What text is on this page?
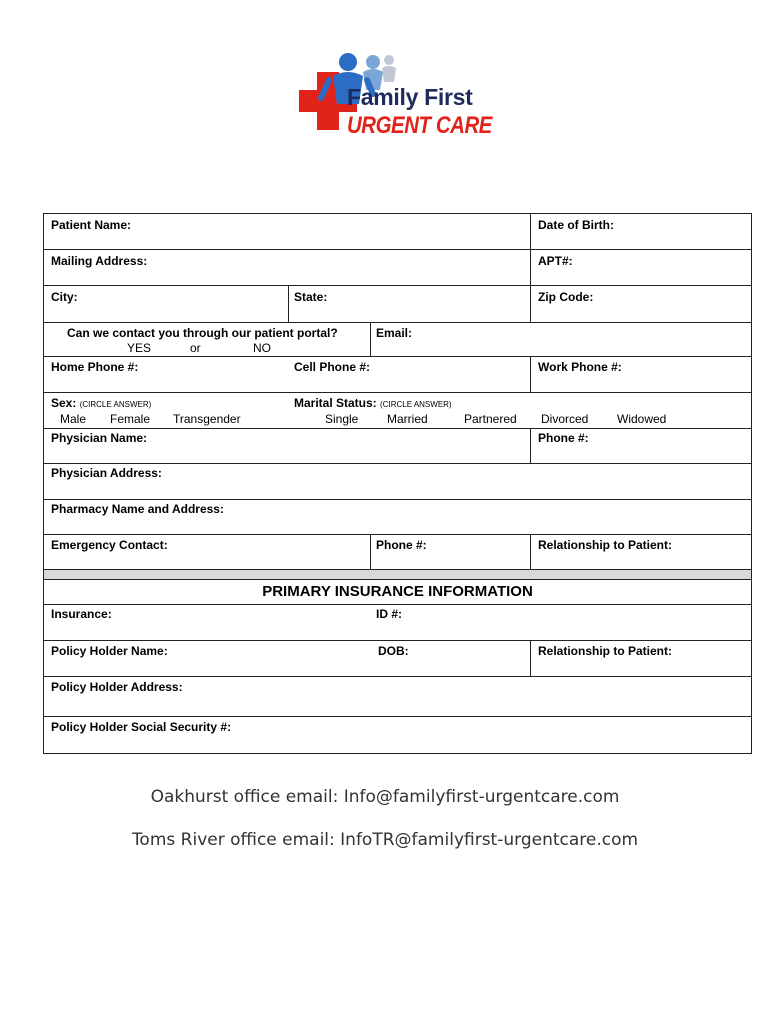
Family First
URGENT CARE
Patient Name:	Date of Birth:
Mailing Address:	APT#:
City:	State:	Zip Code:
Can we contact you through our patient portal?
YES	or	NO
Email:
Home Phone #:	Cell Phone #:	Work Phone #:
Sex: (CIRCLE ANSWER)
Male Female Transgender
Marital Status: (CIRCLE ANSWER)
Single Married	Partnered Divorced Widowed
Physician Name:	Phone #:
Physician Address:
Pharmacy Name and Address:
Emergency Contact:	Phone #:	Relationship to Patient:
PRIMARY INSURANCE INFORMATION
Insurance:	ID #:
Policy Holder Name:	DOB:	Relationship to Patient:
Policy Holder Address:
Policy Holder Social Security #:
Oakhurst office email: Info@familyfirst-urgentcare.com
Toms River office email: InfoTR@familyfirst-urgentcare.com
